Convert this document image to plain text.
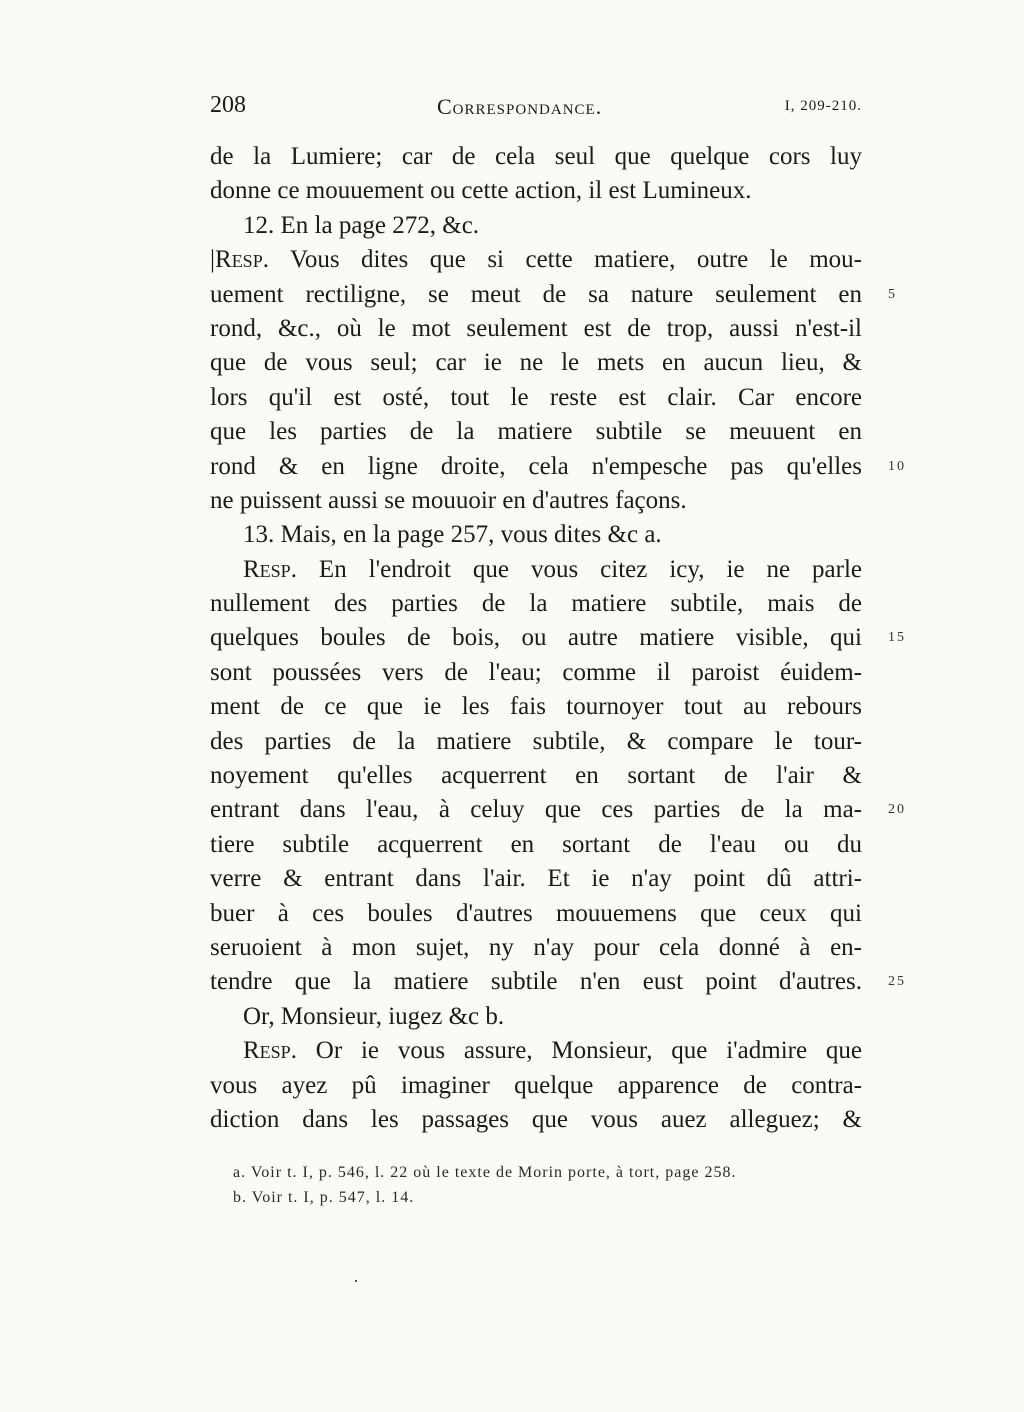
208	Correspondance.	I, 209-210.
de la Lumiere; car de cela seul que quelque cors luy
donne ce mouuement ou cette action, il est Lumineux.
12. En la page 272, &c.
|Resp. Vous dites que si cette matiere, outre le mou-
uement rectiligne, se meut de sa nature seulement en 5
rond, &c., où le mot seulement est de trop, aussi n'est-il
que de vous seul; car ie ne le mets en aucun lieu, &
lors qu'il est osté, tout le reste est clair. Car encore
que les parties de la matiere subtile se meuuent en
rond & en ligne droite, cela n'empesche pas qu'elles 10
ne puissent aussi se mouuoir en d'autres façons.
13. Mais, en la page 257, vous dites &c a.
Resp. En l'endroit que vous citez icy, ie ne parle
nullement des parties de la matiere subtile, mais de
quelques boules de bois, ou autre matiere visible, qui 15
sont poussées vers de l'eau; comme il paroist éuidem-
ment de ce que ie les fais tournoyer tout au rebours
des parties de la matiere subtile, & compare le tour-
noyement qu'elles acquerrent en sortant de l'air &
entrant dans l'eau, à celuy que ces parties de la ma- 20
tiere subtile acquerrent en sortant de l'eau ou du
verre & entrant dans l'air. Et ie n'ay point dû attri-
buer à ces boules d'autres mouuemens que ceux qui
seruoient à mon sujet, ny n'ay pour cela donné à en-
tendre que la matiere subtile n'en eust point d'autres. 25
Or, Monsieur, iugez &c b.
Resp. Or ie vous assure, Monsieur, que i'admire que
vous ayez pû imaginer quelque apparence de contra-
diction dans les passages que vous auez alleguez; &
a. Voir t. I, p. 546, l. 22 où le texte de Morin porte, à tort, page 258.
b. Voir t. I, p. 547, l. 14.
